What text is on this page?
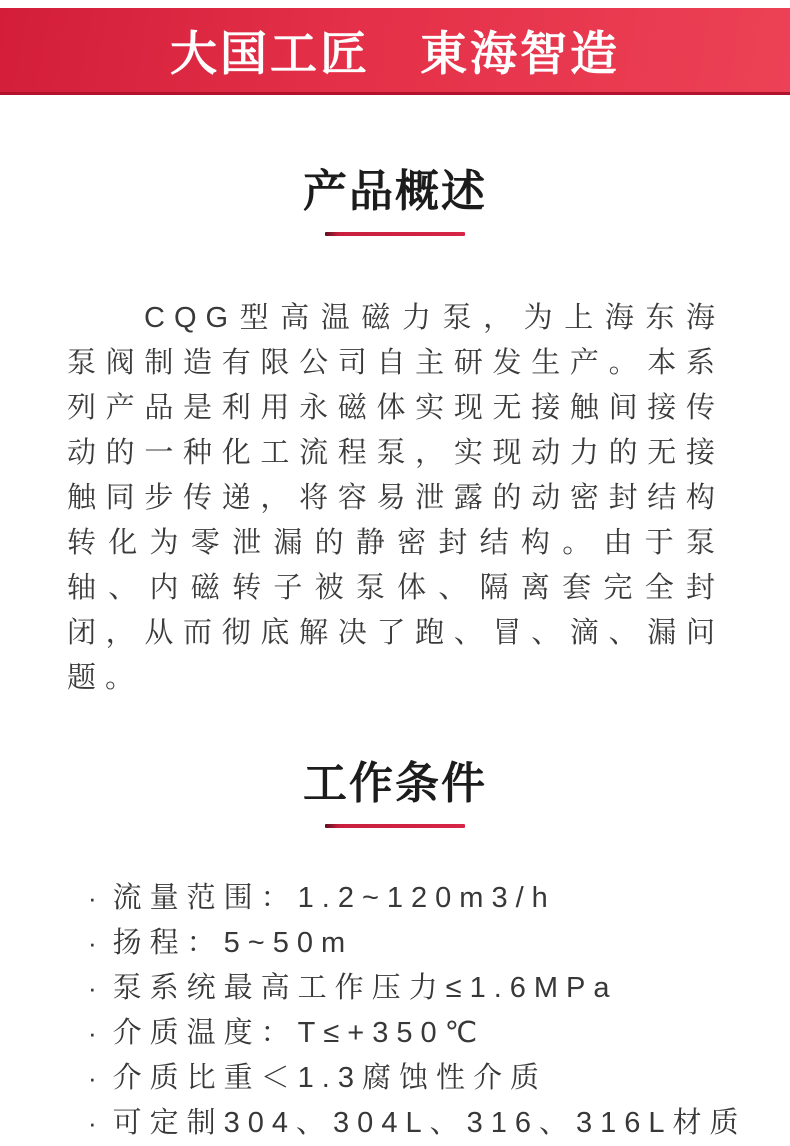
大国工匠　東海智造
产品概述

CQG型高温磁力泵，为上海东海泵阀制造有限公司自主研发生产。本系列产品是利用永磁体实现无接触间接传动的一种化工流程泵，实现动力的无接触同步传递，将容易泄露的动密封结构转化为零泄漏的静密封结构。由于泵轴、内磁转子被泵体、隔离套完全封闭，从而彻底解决了跑、冒、滴、漏问题。

工作条件
· 流量范围：1.2~120m3/h
· 扬程：5~50m
· 泵系统最高工作压力≤1.6MPa
· 介质温度：T≤+350℃
· 介质比重＜1.3腐蚀性介质
· 可定制304、304L、316、316L材质
